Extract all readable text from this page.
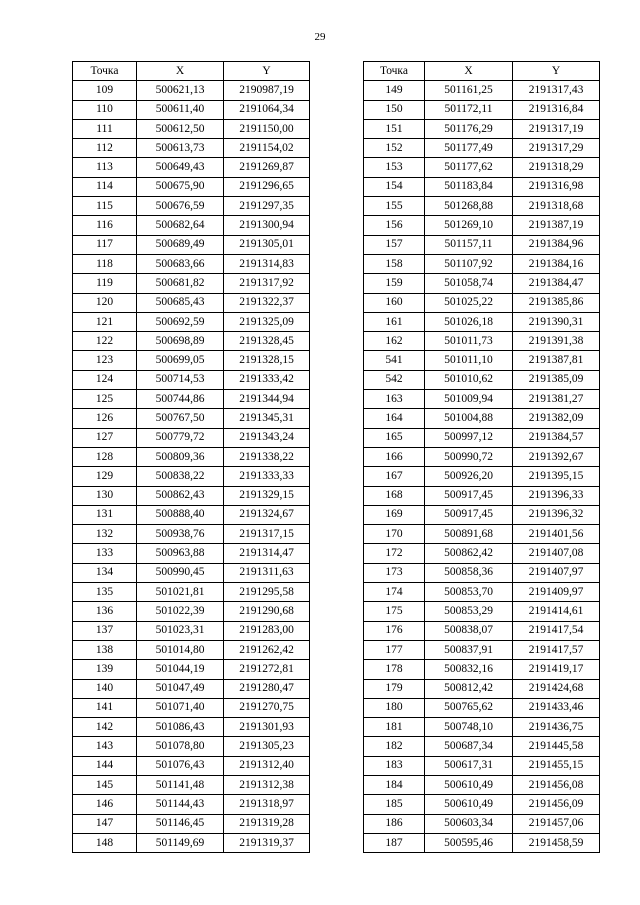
29
Точка	X	Y
109	500621,13	2190987,19
110	500611,40	2191064,34
111	500612,50	2191150,00
112	500613,73	2191154,02
113	500649,43	2191269,87
114	500675,90	2191296,65
115	500676,59	2191297,35
116	500682,64	2191300,94
117	500689,49	2191305,01
118	500683,66	2191314,83
119	500681,82	2191317,92
120	500685,43	2191322,37
121	500692,59	2191325,09
122	500698,89	2191328,45
123	500699,05	2191328,15
124	500714,53	2191333,42
125	500744,86	2191344,94
126	500767,50	2191345,31
127	500779,72	2191343,24
128	500809,36	2191338,22
129	500838,22	2191333,33
130	500862,43	2191329,15
131	500888,40	2191324,67
132	500938,76	2191317,15
133	500963,88	2191314,47
134	500990,45	2191311,63
135	501021,81	2191295,58
136	501022,39	2191290,68
137	501023,31	2191283,00
138	501014,80	2191262,42
139	501044,19	2191272,81
140	501047,49	2191280,47
141	501071,40	2191270,75
142	501086,43	2191301,93
143	501078,80	2191305,23
144	501076,43	2191312,40
145	501141,48	2191312,38
146	501144,43	2191318,97
147	501146,45	2191319,28
148	501149,69	2191319,37
Точка	X	Y
149	501161,25	2191317,43
150	501172,11	2191316,84
151	501176,29	2191317,19
152	501177,49	2191317,29
153	501177,62	2191318,29
154	501183,84	2191316,98
155	501268,88	2191318,68
156	501269,10	2191387,19
157	501157,11	2191384,96
158	501107,92	2191384,16
159	501058,74	2191384,47
160	501025,22	2191385,86
161	501026,18	2191390,31
162	501011,73	2191391,38
541	501011,10	2191387,81
542	501010,62	2191385,09
163	501009,94	2191381,27
164	501004,88	2191382,09
165	500997,12	2191384,57
166	500990,72	2191392,67
167	500926,20	2191395,15
168	500917,45	2191396,33
169	500917,45	2191396,32
170	500891,68	2191401,56
172	500862,42	2191407,08
173	500858,36	2191407,97
174	500853,70	2191409,97
175	500853,29	2191414,61
176	500838,07	2191417,54
177	500837,91	2191417,57
178	500832,16	2191419,17
179	500812,42	2191424,68
180	500765,62	2191433,46
181	500748,10	2191436,75
182	500687,34	2191445,58
183	500617,31	2191455,15
184	500610,49	2191456,08
185	500610,49	2191456,09
186	500603,34	2191457,06
187	500595,46	2191458,59
